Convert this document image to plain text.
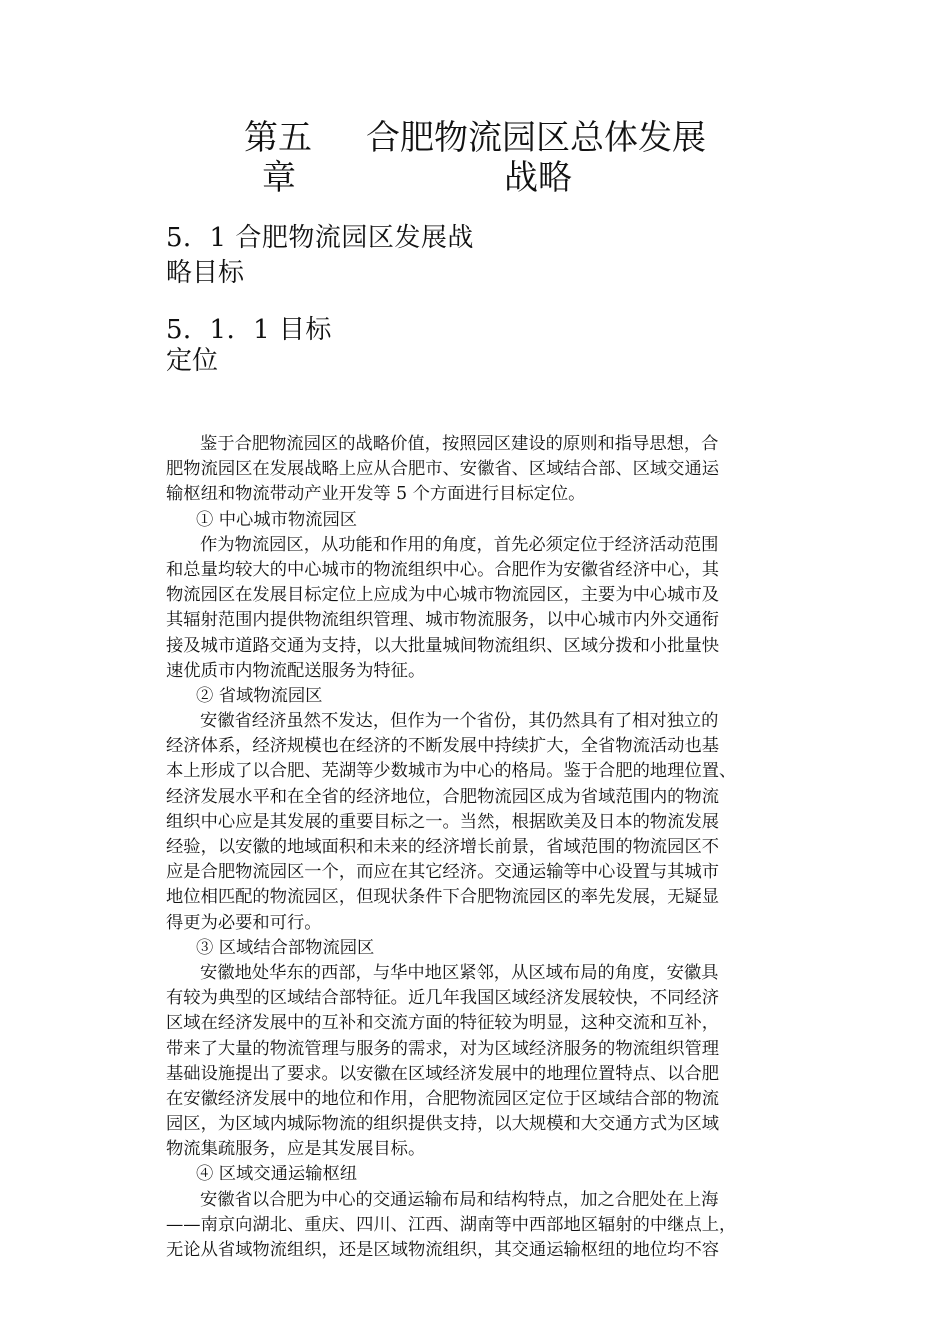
第五
章
合肥物流园区总体发展
战略
5．1 合肥物流园区发展战
略目标
5．1．1 目标
定位
鉴于合肥物流园区的战略价值，按照园区建设的原则和指导思想，合
肥物流园区在发展战略上应从合肥市、安徽省、区域结合部、区域交通运
输枢纽和物流带动产业开发等 5 个方面进行目标定位。
① 中心城市物流园区
作为物流园区，从功能和作用的角度，首先必须定位于经济活动范围
和总量均较大的中心城市的物流组织中心。合肥作为安徽省经济中心，其
物流园区在发展目标定位上应成为中心城市物流园区，主要为中心城市及
其辐射范围内提供物流组织管理、城市物流服务，以中心城市内外交通衔
接及城市道路交通为支持，以大批量城间物流组织、区域分拨和小批量快
速优质市内物流配送服务为特征。
② 省域物流园区
安徽省经济虽然不发达，但作为一个省份，其仍然具有了相对独立的
经济体系，经济规模也在经济的不断发展中持续扩大，全省物流活动也基
本上形成了以合肥、芜湖等少数城市为中心的格局。鉴于合肥的地理位置、
经济发展水平和在全省的经济地位，合肥物流园区成为省域范围内的物流
组织中心应是其发展的重要目标之一。当然，根据欧美及日本的物流发展
经验，以安徽的地域面积和未来的经济增长前景，省域范围的物流园区不
应是合肥物流园区一个，而应在其它经济。交通运输等中心设置与其城市
地位相匹配的物流园区，但现状条件下合肥物流园区的率先发展，无疑显
得更为必要和可行。
③ 区域结合部物流园区
安徽地处华东的西部，与华中地区紧邻，从区域布局的角度，安徽具
有较为典型的区域结合部特征。近几年我国区域经济发展较快，不同经济
区域在经济发展中的互补和交流方面的特征较为明显，这种交流和互补，
带来了大量的物流管理与服务的需求，对为区域经济服务的物流组织管理
基础设施提出了要求。以安徽在区域经济发展中的地理位置特点、以合肥
在安徽经济发展中的地位和作用，合肥物流园区定位于区域结合部的物流
园区，为区域内城际物流的组织提供支持，以大规模和大交通方式为区域
物流集疏服务，应是其发展目标。
④ 区域交通运输枢纽
安徽省以合肥为中心的交通运输布局和结构特点，加之合肥处在上海
——南京向湖北、重庆、四川、江西、湖南等中西部地区辐射的中继点上，
无论从省域物流组织，还是区域物流组织，其交通运输枢纽的地位均不容
